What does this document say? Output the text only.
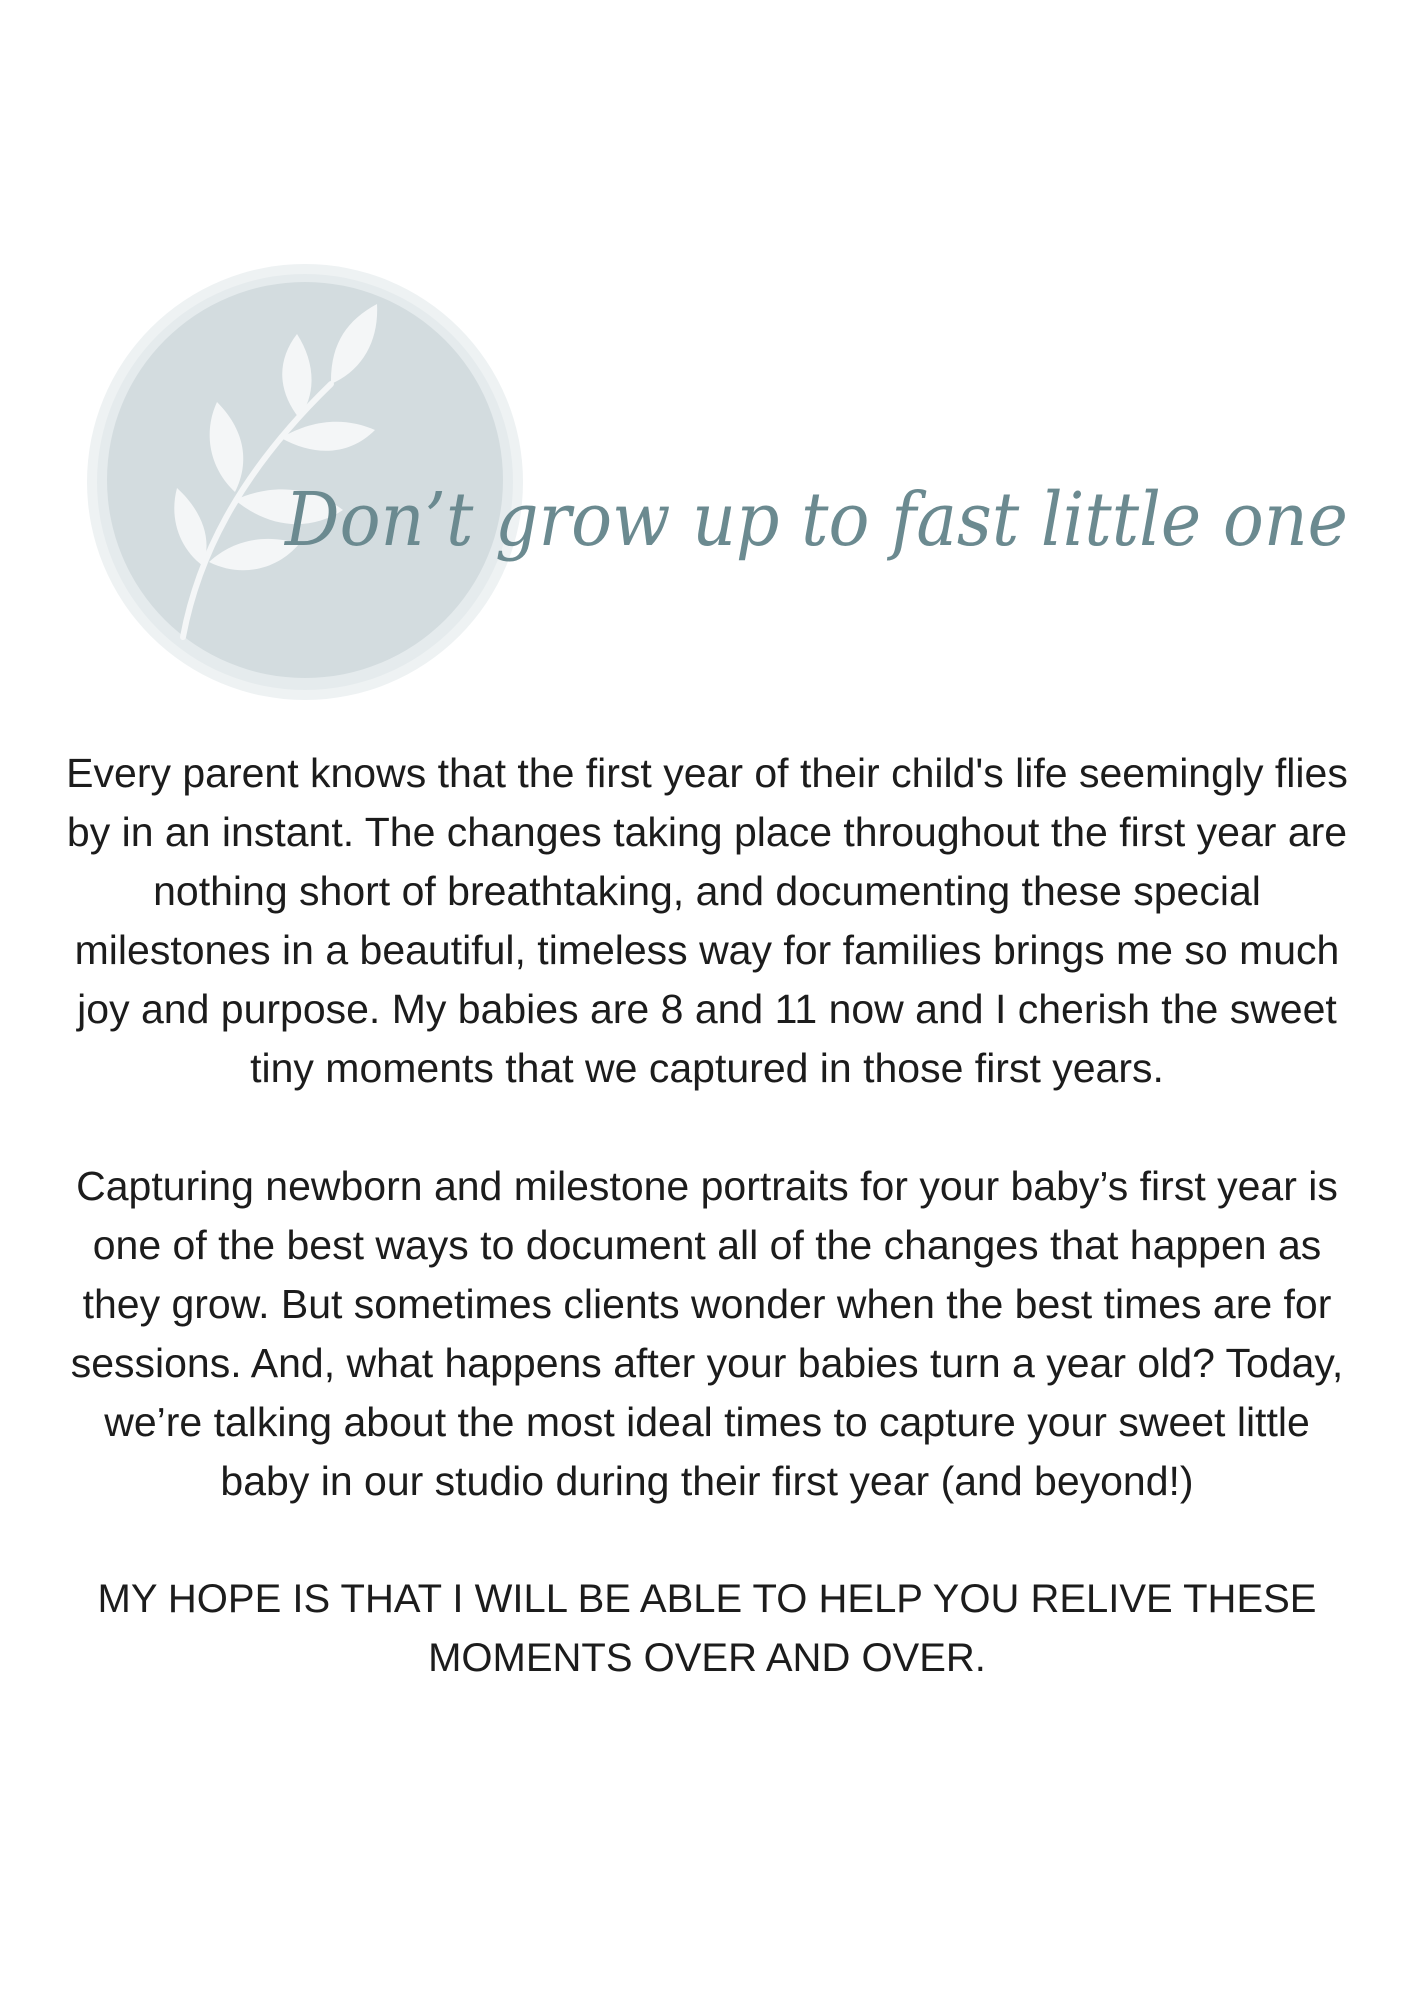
Don’t grow up to fast little one

Every parent knows that the first year of their child's life seemingly flies by in an instant. The changes taking place throughout the first year are nothing short of breathtaking, and documenting these special milestones in a beautiful, timeless way for families brings me so much joy and purpose. My babies are 8 and 11 now and I cherish the sweet tiny moments that we captured in those first years.

Capturing newborn and milestone portraits for your baby’s first year is one of the best ways to document all of the changes that happen as they grow. But sometimes clients wonder when the best times are for sessions. And, what happens after your babies turn a year old? Today, we’re talking about the most ideal times to capture your sweet little baby in our studio during their first year (and beyond!)

MY HOPE IS THAT I WILL BE ABLE TO HELP YOU RELIVE THESE MOMENTS OVER AND OVER.
